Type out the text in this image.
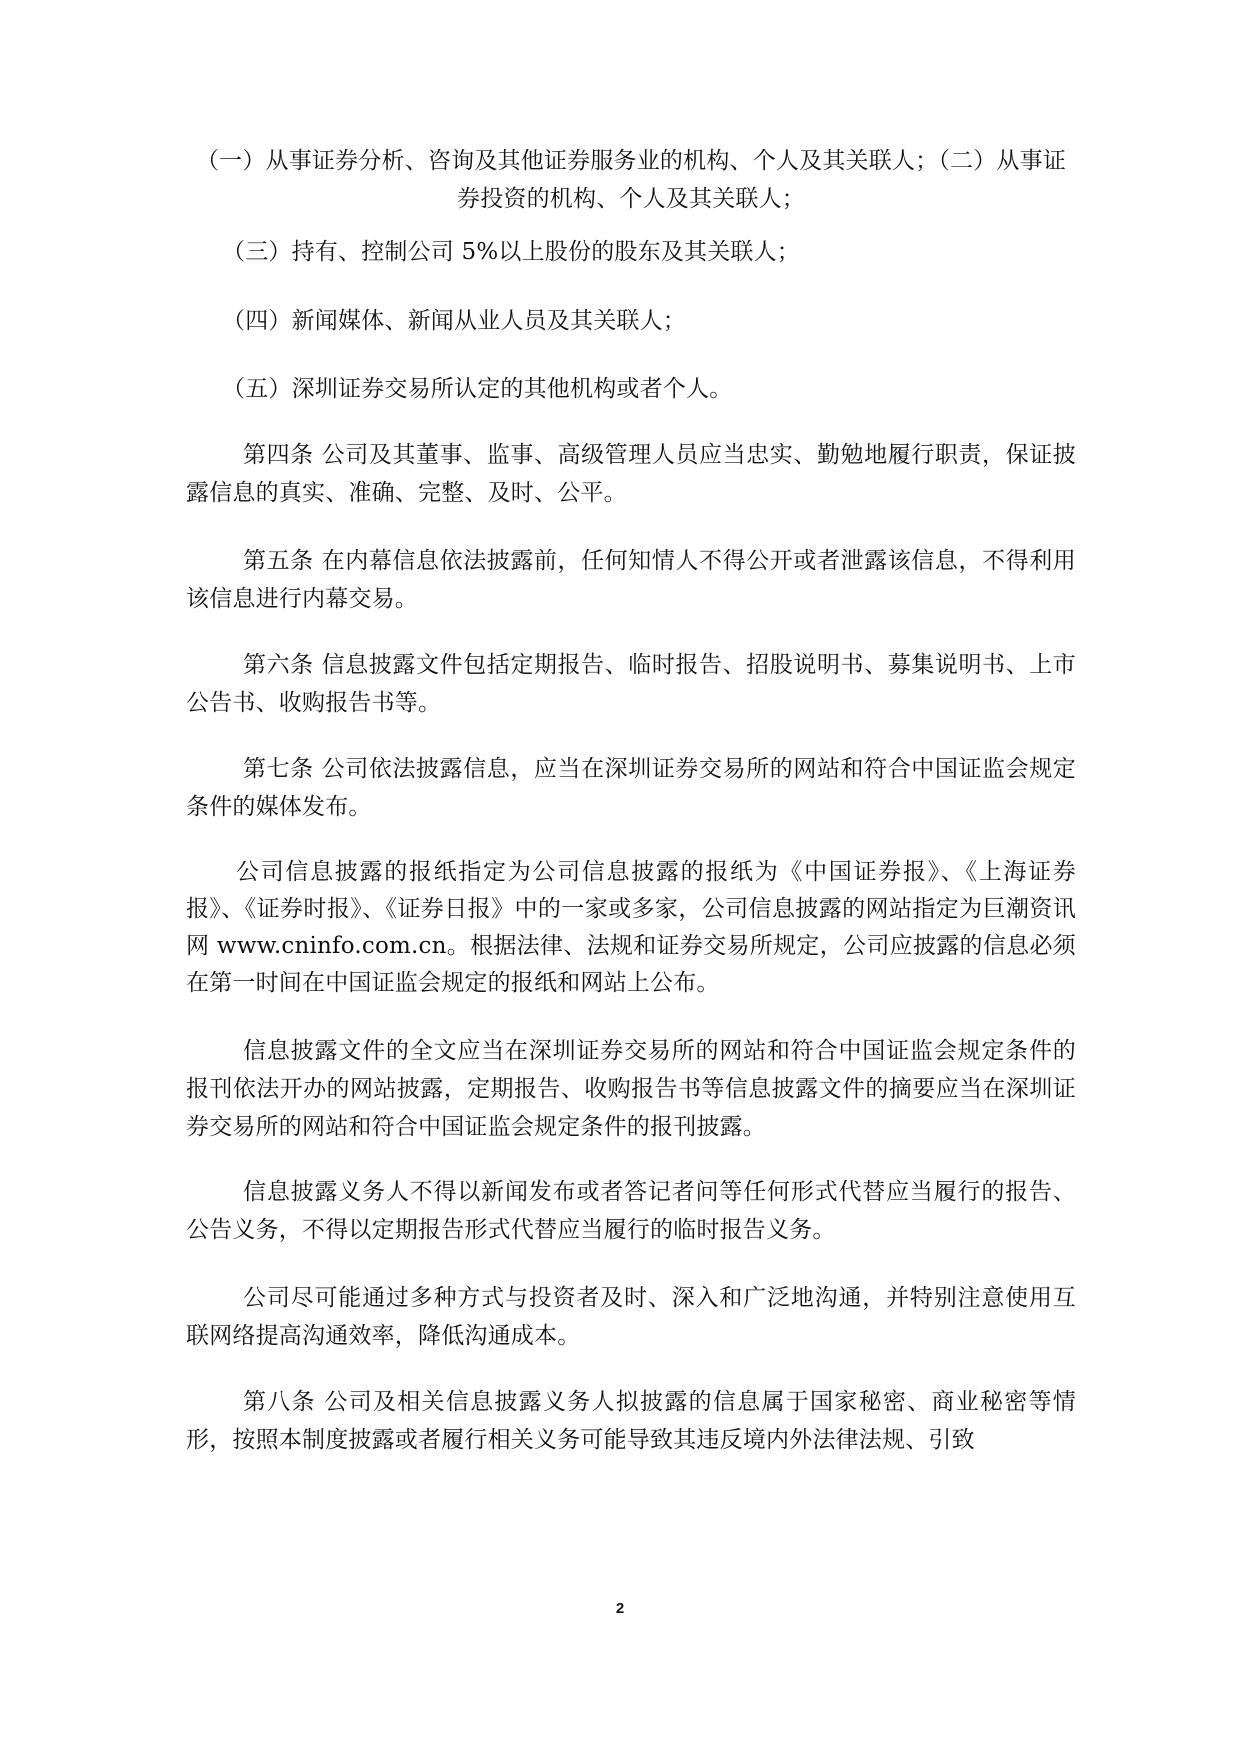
（一）从事证券分析、咨询及其他证券服务业的机构、个人及其关联人；（二）从事证券投资的机构、个人及其关联人；

（三）持有、控制公司 5%以上股份的股东及其关联人；

（四）新闻媒体、新闻从业人员及其关联人；

（五）深圳证券交易所认定的其他机构或者个人。

第四条 公司及其董事、监事、高级管理人员应当忠实、勤勉地履行职责，保证披露信息的真实、准确、完整、及时、公平。

第五条 在内幕信息依法披露前，任何知情人不得公开或者泄露该信息，不得利用该信息进行内幕交易。

第六条 信息披露文件包括定期报告、临时报告、招股说明书、募集说明书、上市公告书、收购报告书等。

第七条 公司依法披露信息，应当在深圳证券交易所的网站和符合中国证监会规定条件的媒体发布。

公司信息披露的报纸指定为公司信息披露的报纸为《中国证券报》、《上海证券报》、《证券时报》、《证券日报》中的一家或多家，公司信息披露的网站指定为巨潮资讯网 www.cninfo.com.cn。根据法律、法规和证券交易所规定，公司应披露的信息必须在第一时间在中国证监会规定的报纸和网站上公布。

信息披露文件的全文应当在深圳证券交易所的网站和符合中国证监会规定条件的报刊依法开办的网站披露，定期报告、收购报告书等信息披露文件的摘要应当在深圳证券交易所的网站和符合中国证监会规定条件的报刊披露。

信息披露义务人不得以新闻发布或者答记者问等任何形式代替应当履行的报告、公告义务，不得以定期报告形式代替应当履行的临时报告义务。

公司尽可能通过多种方式与投资者及时、深入和广泛地沟通，并特别注意使用互联网络提高沟通效率，降低沟通成本。

第八条 公司及相关信息披露义务人拟披露的信息属于国家秘密、商业秘密等情形，按照本制度披露或者履行相关义务可能导致其违反境内外法律法规、引致

2
